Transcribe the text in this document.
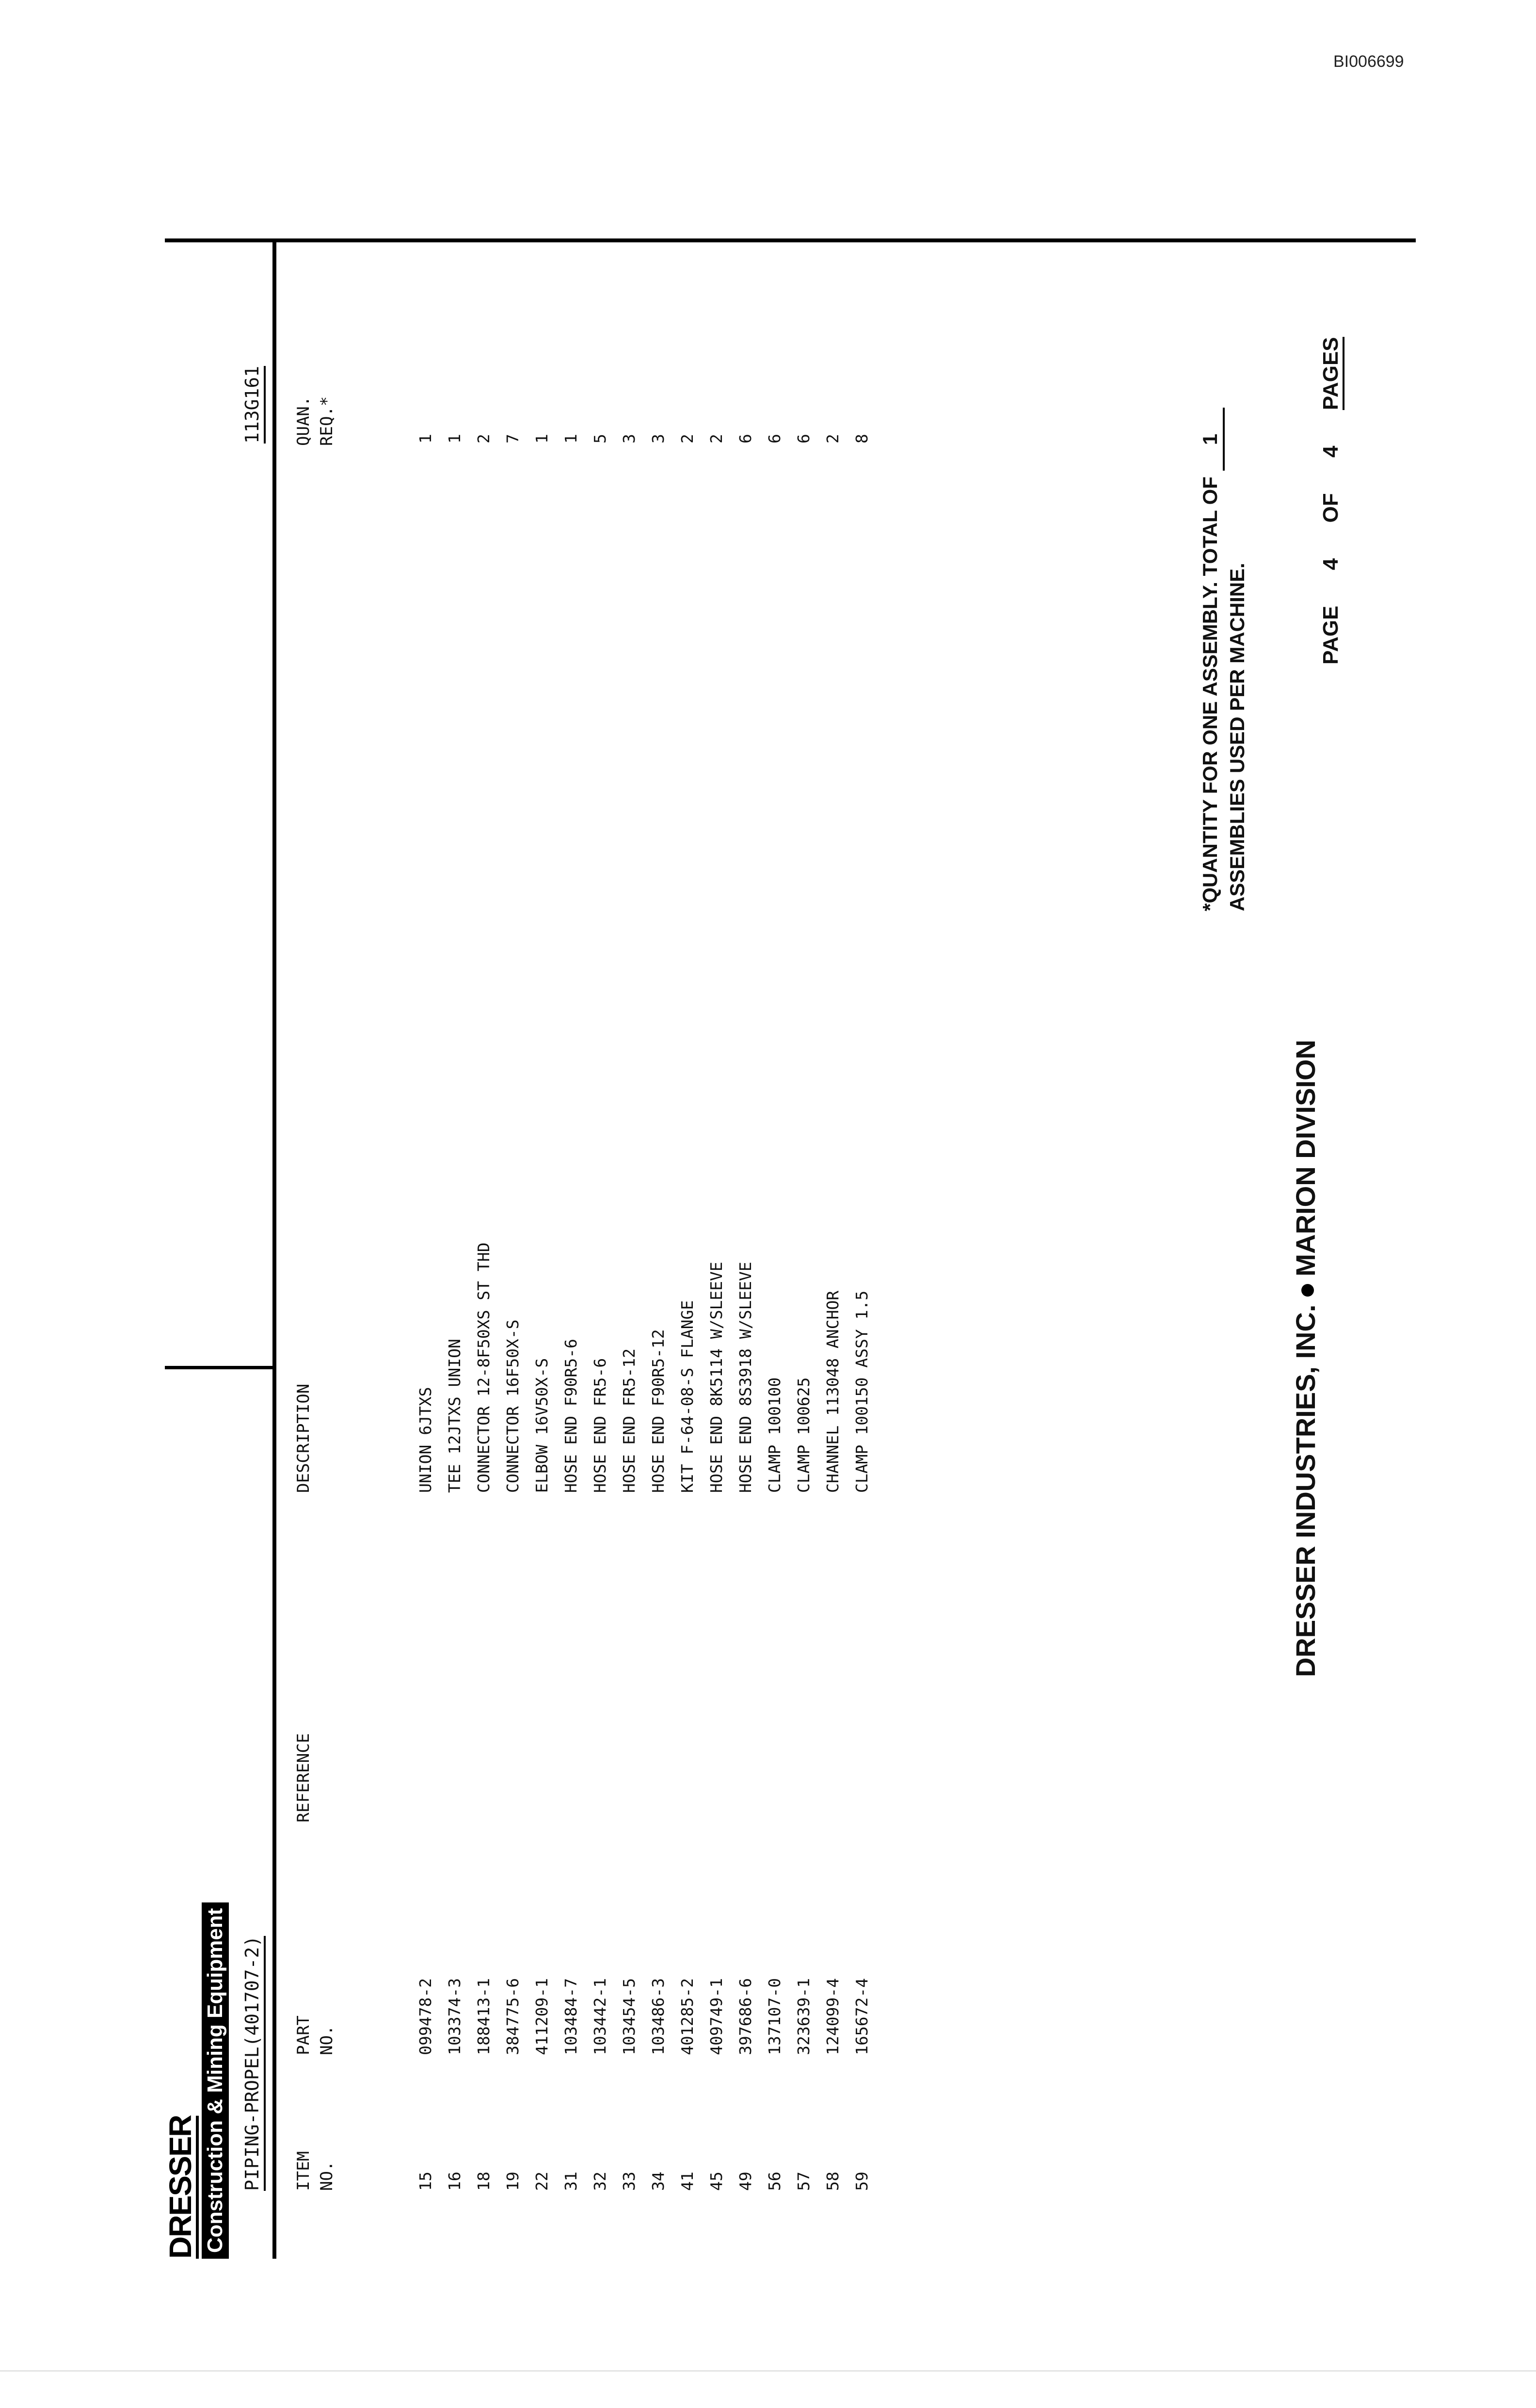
BI006699
DRESSER Construction & Mining Equipment PIPING-PROPEL(401707-2)
113G161
ITEM
NO.
PART
NO.
REFERENCE
DESCRIPTION
QUAN.
REQ.*
15 16 18 19 22 31 32 33 34 41 45 49 56 57 58 59
099478-2 103374-3 188413-1 384775-6 411209-1 103484-7 103442-1 103454-5 103486-3 401285-2 409749-1 397686-6 137107-0 323639-1 124099-4 165672-4
UNION 6JTXS TEE 12JTXS UNION CONNECTOR 12-8F50XS ST THD CONNECTOR 16F50X-S ELBOW 16V50X-S HOSE END F90R5-6 HOSE END FR5-6 HOSE END FR5-12 HOSE END F90R5-12 KIT F-64-08-S FLANGE HOSE END 8K5114 W/SLEEVE HOSE END 8S3918 W/SLEEVE CLAMP 100100 CLAMP 100625 CHANNEL 113048 ANCHOR CLAMP 100150 ASSY 1.5
1 1 2 7 1 1 5 3 3 2 2 6 6 6 2 8
*QUANTITY FOR ONE ASSEMBLY. TOTAL OF 1
ASSEMBLIES USED PER MACHINE.
DRESSER INDUSTRIES, INC.MARION DIVISION

PAGE      4      OF      4      PAGES
